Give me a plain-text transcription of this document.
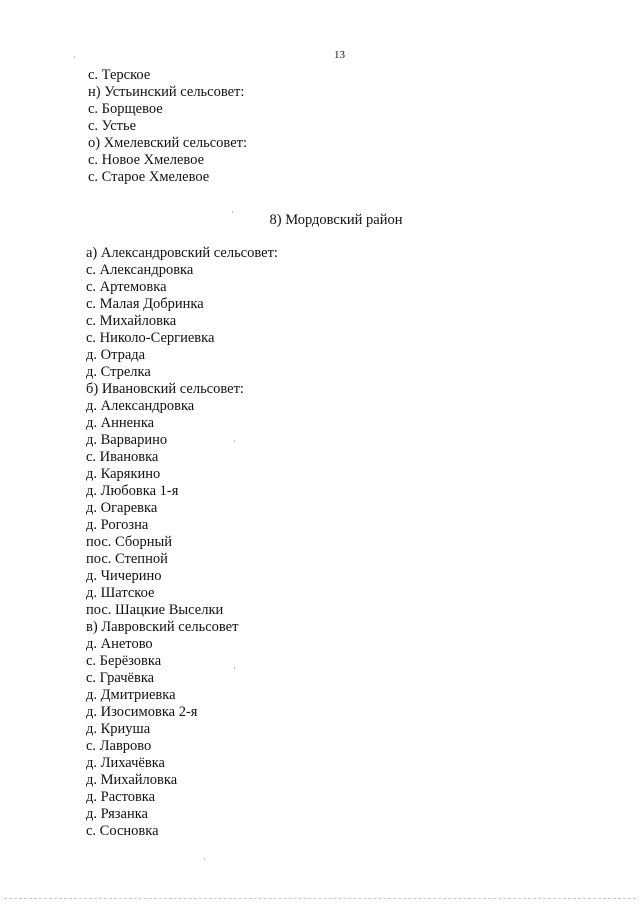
13
с. Терское
н) Устьинский сельсовет:
с. Борщевое
с. Устье
о) Хмелевский сельсовет:
с. Новое Хмелевое
с. Старое Хмелевое
8) Мордовский район
а) Александровский сельсовет:
с. Александровка
с. Артемовка
с. Малая Добринка
с. Михайловка
с. Николо-Сергиевка
д. Отрада
д. Стрелка
б) Ивановский сельсовет:
д. Александровка
д. Анненка
д. Варварино
с. Ивановка
д. Карякино
д. Любовка 1-я
д. Огаревка
д. Рогозна
пос. Сборный
пос. Степной
д. Чичерино
д. Шатское
пос. Шацкие Выселки
в) Лавровский сельсовет
д. Анетово
с. Берёзовка
с. Грачёвка
д. Дмитриевка
д. Изосимовка 2-я
д. Криуша
с. Лаврово
д. Лихачёвка
д. Михайловка
д. Растовка
д. Рязанка
с. Сосновка
